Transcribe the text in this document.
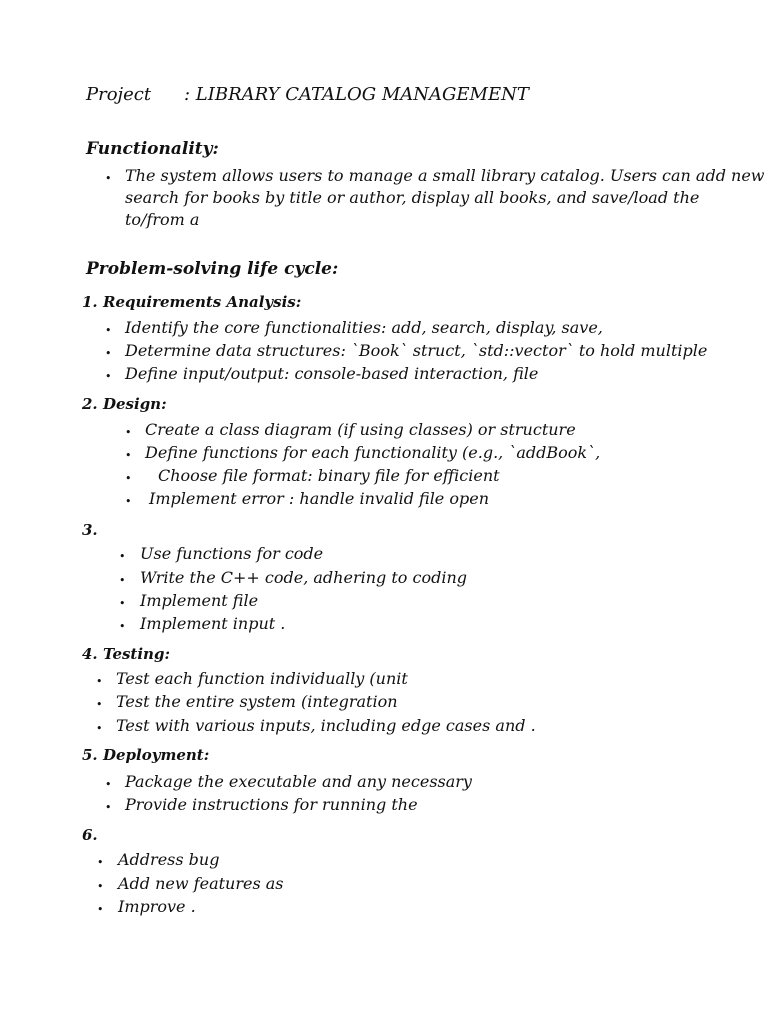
Project : LIBRARY CATALOG MANAGEMENT
Functionality:
• The system allows users to manage a small library catalog. Users can add new
search for books by title or author, display all books, and save/load the
to/from a
Problem-solving life cycle:
1. Requirements Analysis:
• Identify the core functionalities: add, search, display, save,
• Determine data structures: `Book` struct, `std::vector` to hold multiple
• Define input/output: console-based interaction, file
2. Design:
• Create a class diagram (if using classes) or structure
• Define functions for each functionality (e.g., `addBook`,
• Choose file format: binary file for efficient
• Implement error : handle invalid file open
3.
• Use functions for code
• Write the C++ code, adhering to coding
• Implement file
• Implement input .
4. Testing:
• Test each function individually (unit
• Test the entire system (integration
• Test with various inputs, including edge cases and .
5. Deployment:
• Package the executable and any necessary
• Provide instructions for running the
6.
• Address bug
• Add new features as
• Improve .
